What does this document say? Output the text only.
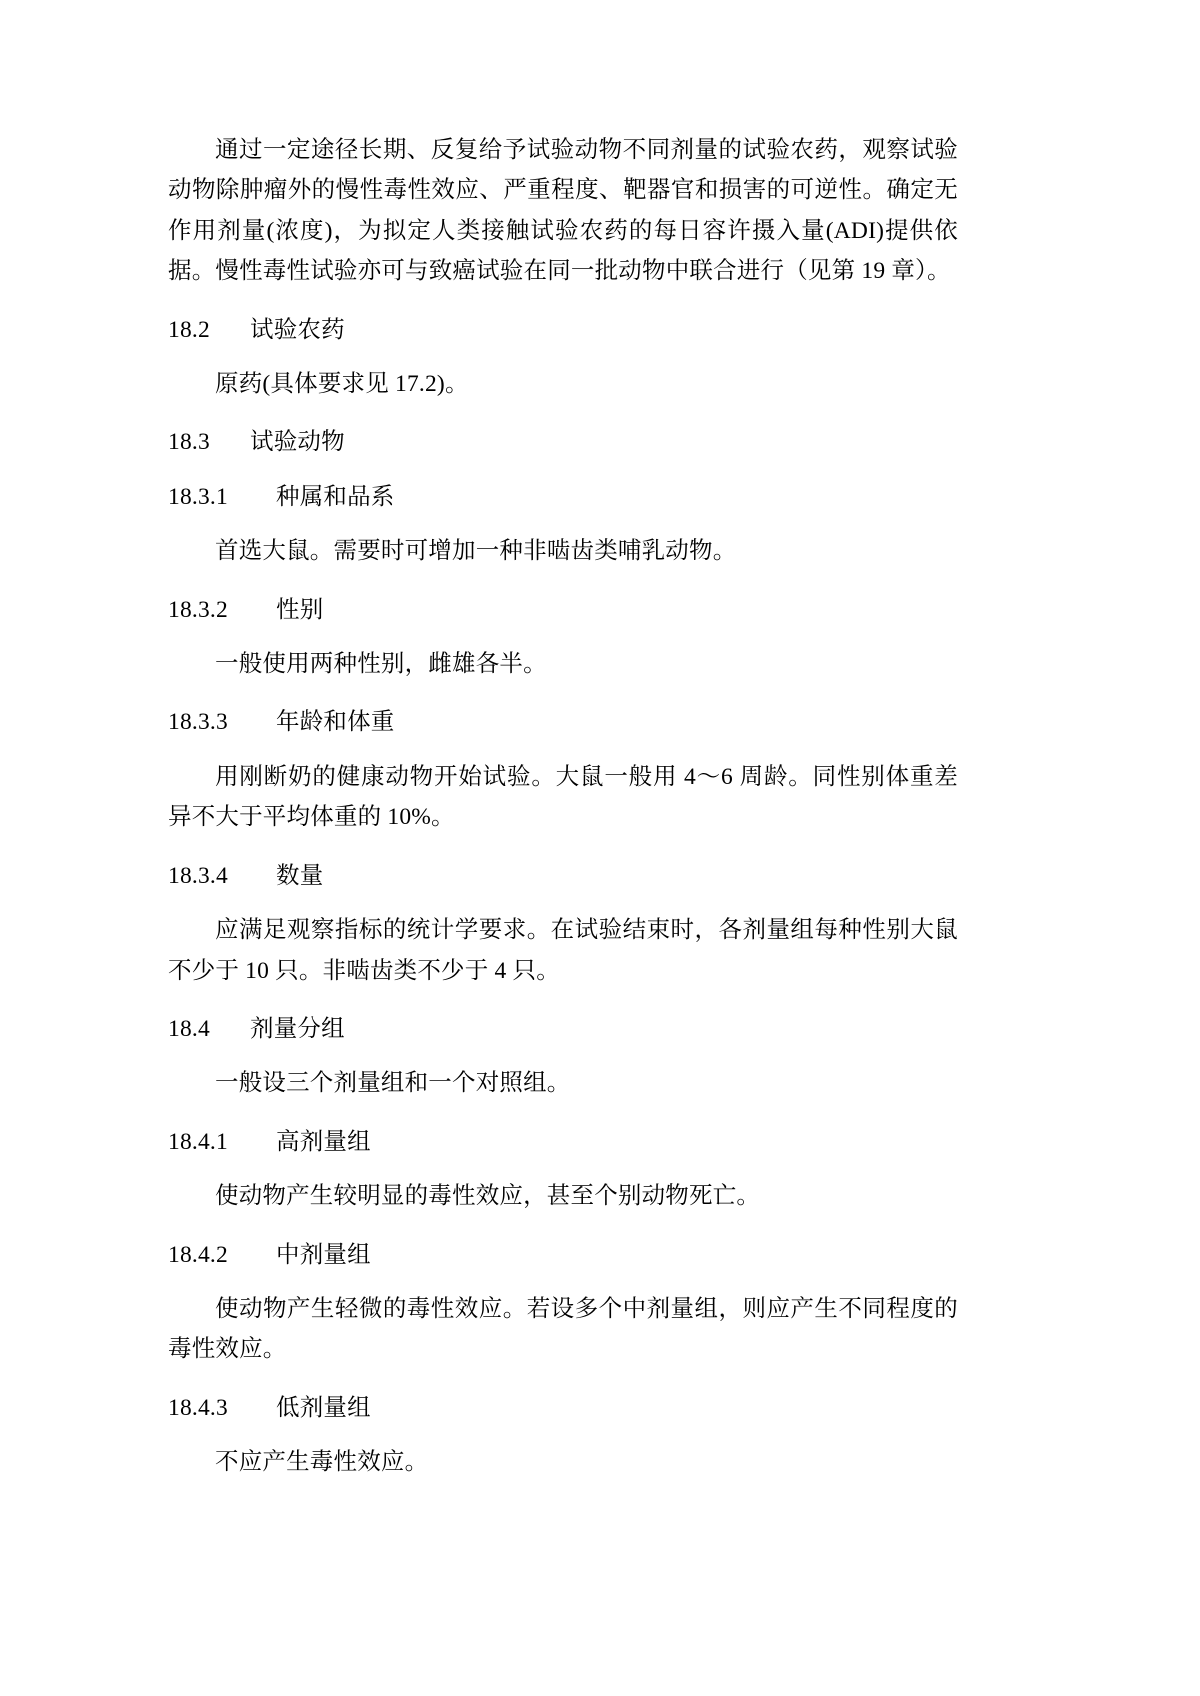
通过一定途径长期、反复给予试验动物不同剂量的试验农药，观察试验动物除肿瘤外的慢性毒性效应、严重程度、靶器官和损害的可逆性。确定无作用剂量(浓度)，为拟定人类接触试验农药的每日容许摄入量(ADI)提供依据。慢性毒性试验亦可与致癌试验在同一批动物中联合进行（见第 19 章）。

18.2	试验农药

原药(具体要求见 17.2)。

18.3	试验动物
18.3.1	种属和品系

首选大鼠。需要时可增加一种非啮齿类哺乳动物。

18.3.2	性别

一般使用两种性别，雌雄各半。

18.3.3	年龄和体重

用刚断奶的健康动物开始试验。大鼠一般用 4～6 周龄。同性别体重差异不大于平均体重的 10%。

18.3.4	数量

应满足观察指标的统计学要求。在试验结束时，各剂量组每种性别大鼠不少于 10 只。非啮齿类不少于 4 只。

18.4	剂量分组

一般设三个剂量组和一个对照组。

18.4.1	高剂量组

使动物产生较明显的毒性效应，甚至个别动物死亡。

18.4.2	中剂量组

使动物产生轻微的毒性效应。若设多个中剂量组，则应产生不同程度的毒性效应。

18.4.3	低剂量组

不应产生毒性效应。
